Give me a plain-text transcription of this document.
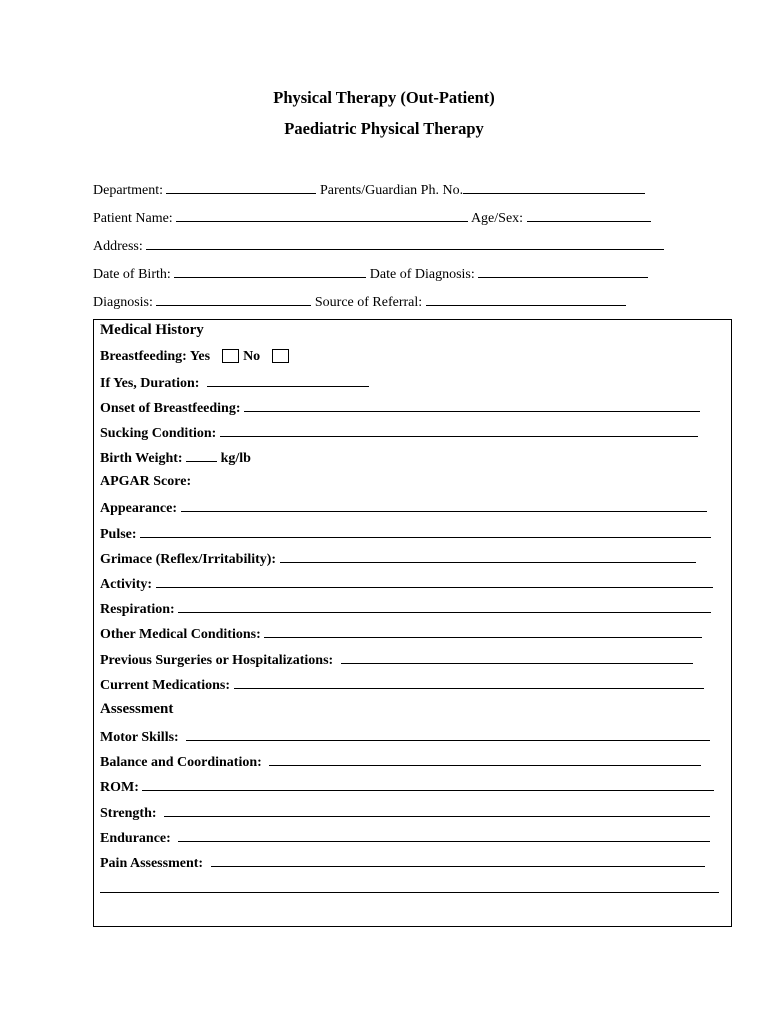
Physical Therapy (Out-Patient)
Paediatric Physical Therapy
Department:	Parents/Guardian Ph. No.
Patient Name:	Age/Sex:
Address:
Date of Birth:	Date of Diagnosis:
Diagnosis:	Source of Referral:
Medical History
Breastfeeding: Yes No
If Yes, Duration:
Onset of Breastfeeding:
Sucking Condition:
Birth Weight:	kg/lb
APGAR Score:
Appearance:
Pulse:
Grimace (Reflex/Irritability):
Activity:
Respiration:
Other Medical Conditions:
Previous Surgeries or Hospitalizations:
Current Medications:
Assessment
Motor Skills:
Balance and Coordination:
ROM:
Strength:
Endurance:
Pain Assessment:
